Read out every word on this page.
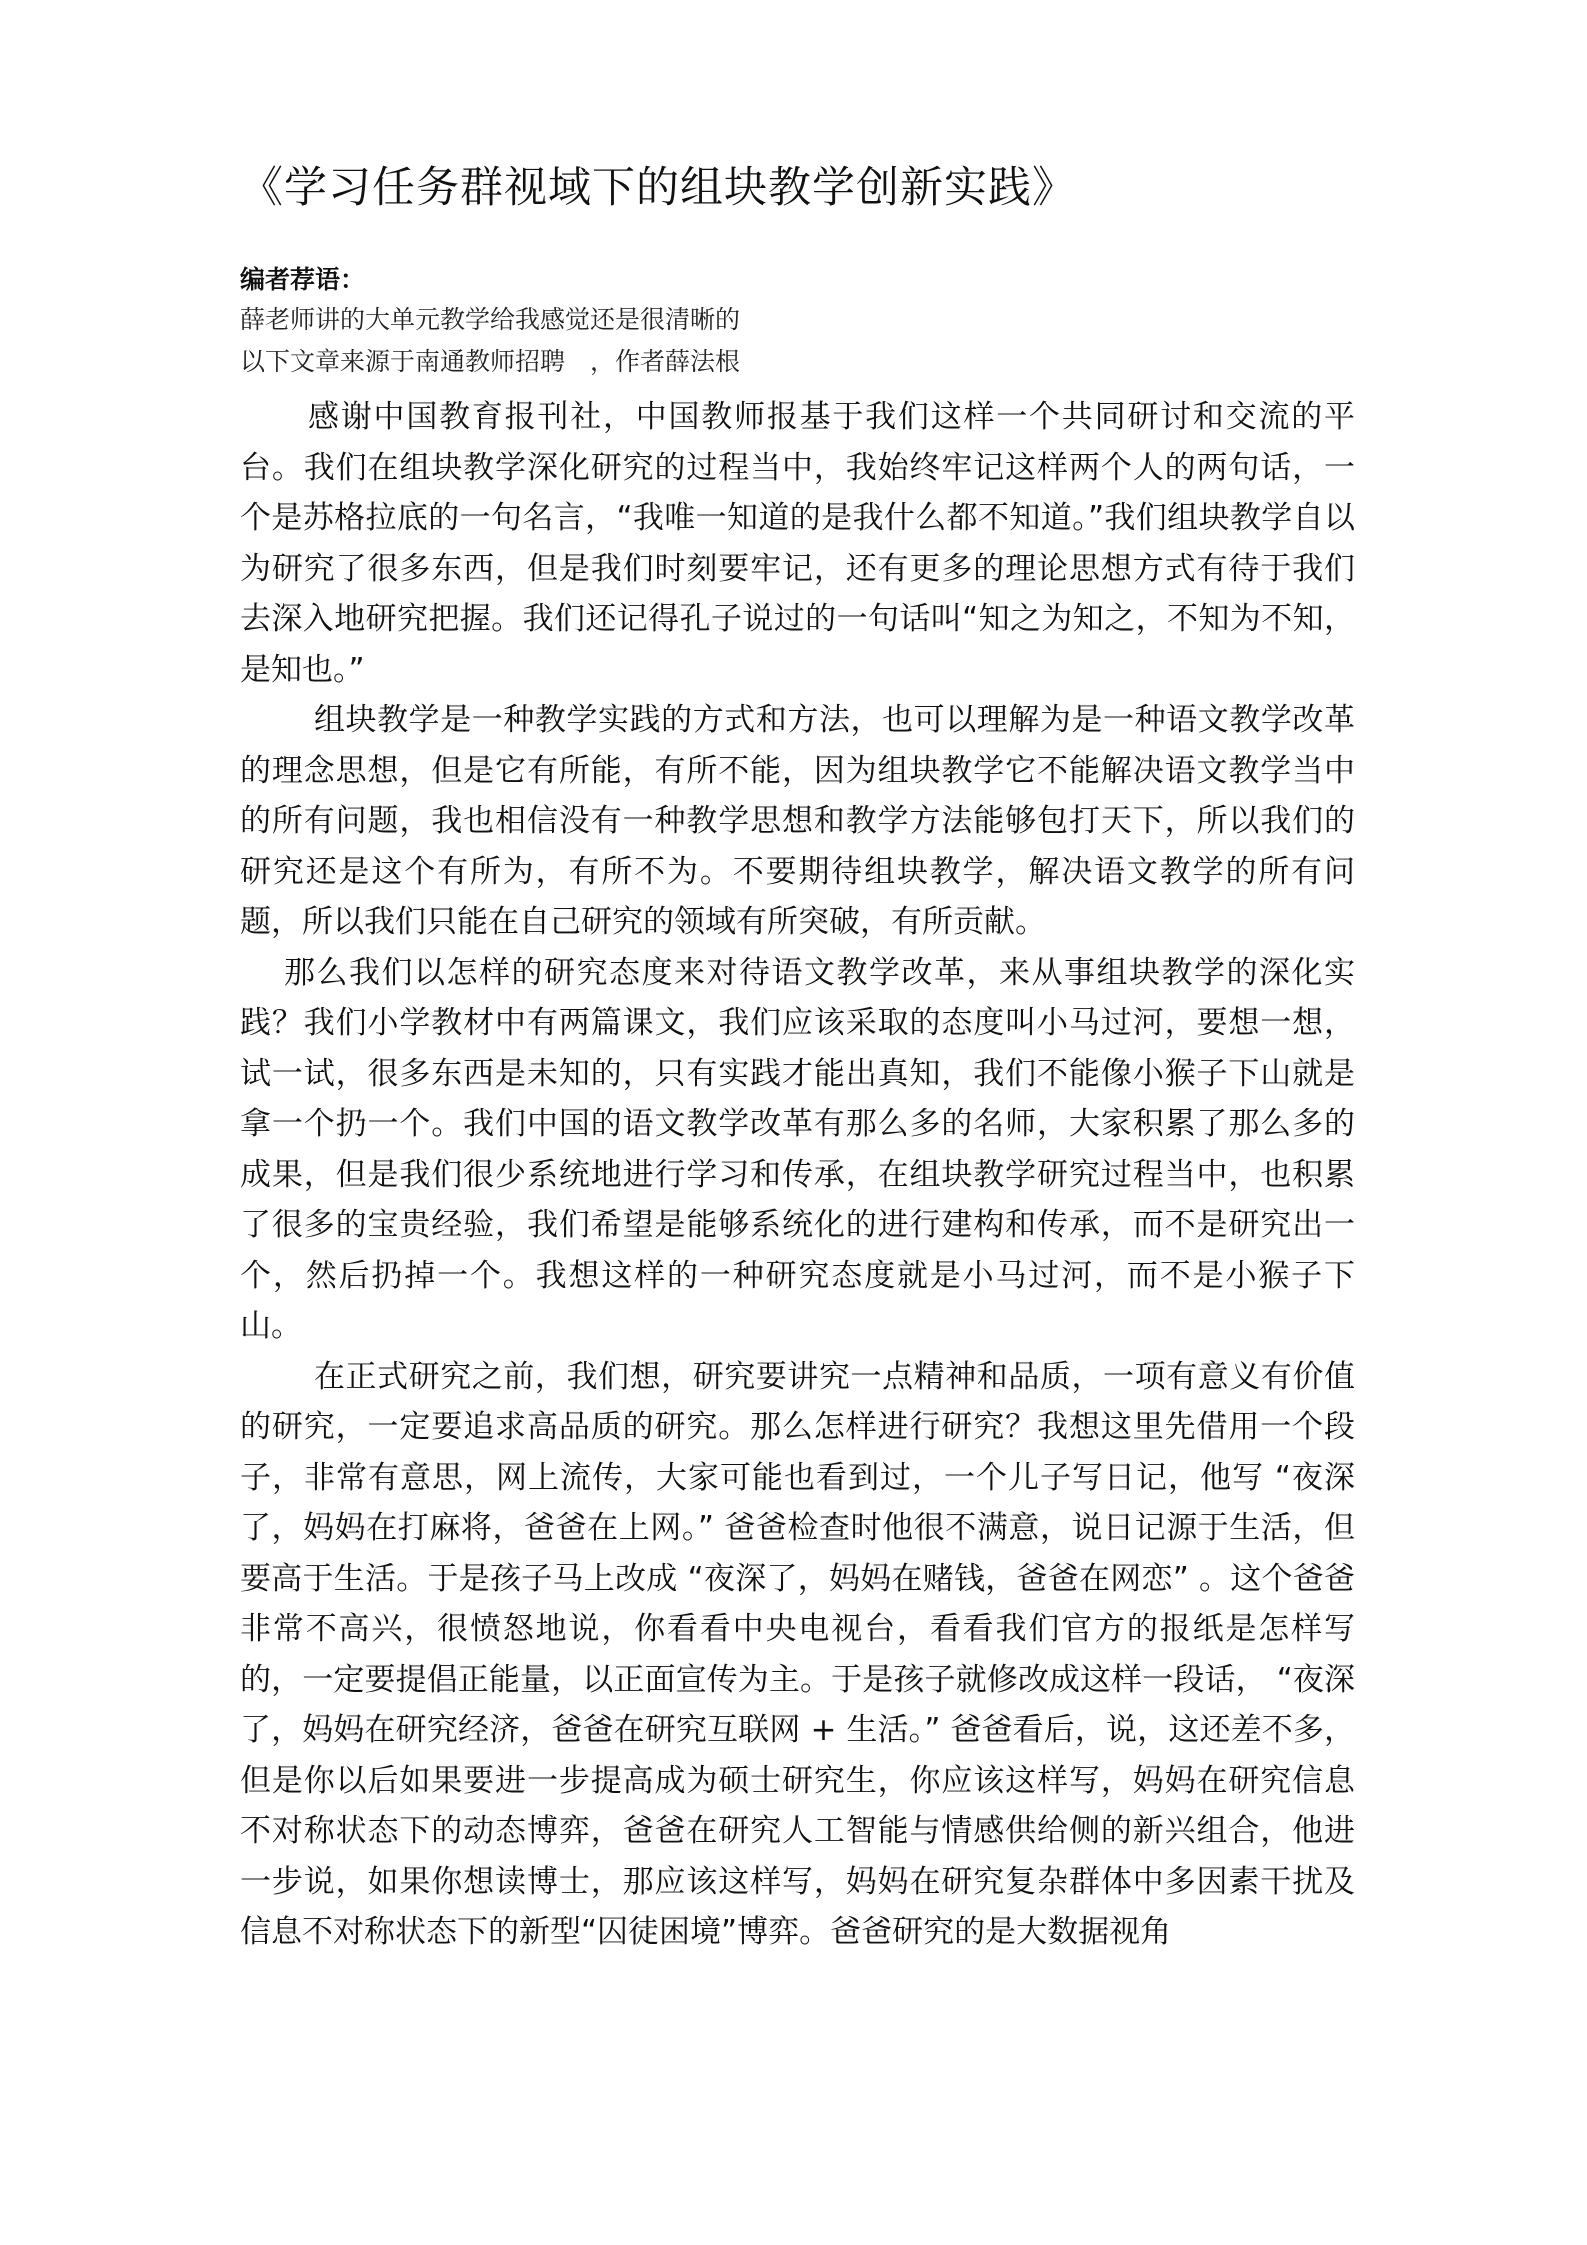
《学习任务群视域下的组块教学创新实践》
编者荐语：
薛老师讲的大单元教学给我感觉还是很清晰的
以下文章来源于南通教师招聘　，作者薛法根

感谢中国教育报刊社，中国教师报基于我们这样一个共同研讨和交流的平台。我们在组块教学深化研究的过程当中，我始终牢记这样两个人的两句话，一个是苏格拉底的一句名言，“我唯一知道的是我什么都不知道。”我们组块教学自以为研究了很多东西，但是我们时刻要牢记，还有更多的理论思想方式有待于我们去深入地研究把握。我们还记得孔子说过的一句话叫“知之为知之，不知为不知，是知也。”

组块教学是一种教学实践的方式和方法，也可以理解为是一种语文教学改革的理念思想，但是它有所能，有所不能，因为组块教学它不能解决语文教学当中的所有问题，我也相信没有一种教学思想和教学方法能够包打天下，所以我们的研究还是这个有所为，有所不为。不要期待组块教学，解决语文教学的所有问题，所以我们只能在自己研究的领域有所突破，有所贡献。

那么我们以怎样的研究态度来对待语文教学改革，来从事组块教学的深化实践？我们小学教材中有两篇课文，我们应该采取的态度叫小马过河，要想一想，试一试，很多东西是未知的，只有实践才能出真知，我们不能像小猴子下山就是拿一个扔一个。我们中国的语文教学改革有那么多的名师，大家积累了那么多的成果，但是我们很少系统地进行学习和传承，在组块教学研究过程当中，也积累了很多的宝贵经验，我们希望是能够系统化的进行建构和传承，而不是研究出一个，然后扔掉一个。我想这样的一种研究态度就是小马过河，而不是小猴子下山。

在正式研究之前，我们想，研究要讲究一点精神和品质，一项有意义有价值的研究，一定要追求高品质的研究。那么怎样进行研究？我想这里先借用一个段子，非常有意思，网上流传，大家可能也看到过，一个儿子写日记，他写 “夜深了，妈妈在打麻将，爸爸在上网。” 爸爸检查时他很不满意，说日记源于生活，但要高于生活。于是孩子马上改成 “夜深了，妈妈在赌钱，爸爸在网恋” 。这个爸爸非常不高兴，很愤怒地说，你看看中央电视台，看看我们官方的报纸是怎样写的，一定要提倡正能量，以正面宣传为主。于是孩子就修改成这样一段话， “夜深了，妈妈在研究经济，爸爸在研究互联网 + 生活。” 爸爸看后，说，这还差不多，但是你以后如果要进一步提高成为硕士研究生，你应该这样写，妈妈在研究信息不对称状态下的动态博弈，爸爸在研究人工智能与情感供给侧的新兴组合，他进一步说，如果你想读博士，那应该这样写，妈妈在研究复杂群体中多因素干扰及信息不对称状态下的新型“囚徒困境”博弈。爸爸研究的是大数据视角
